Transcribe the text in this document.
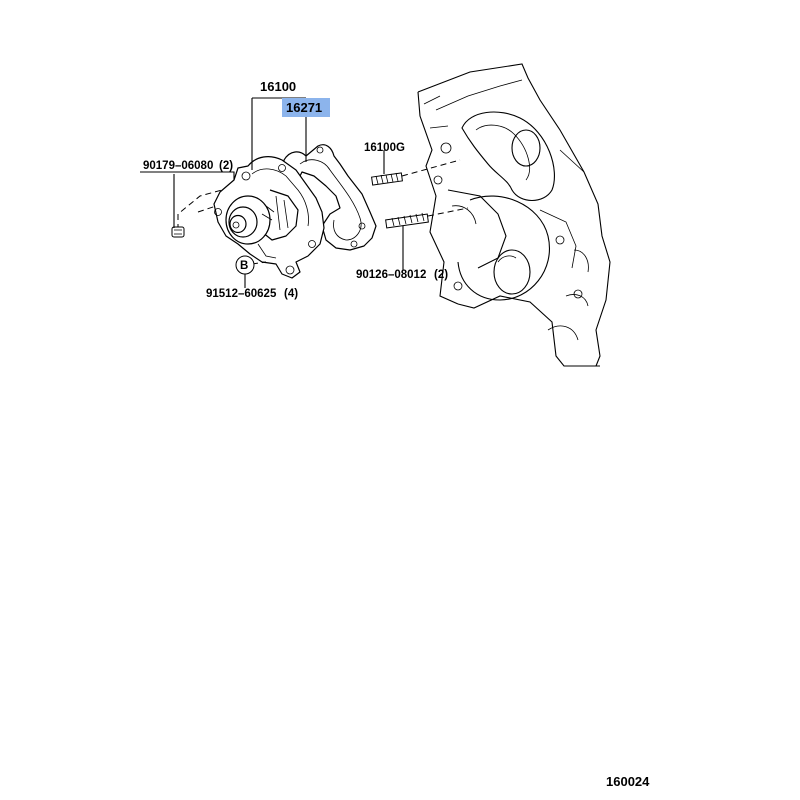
16100
16271
16100G
90179–06080 (2)
90126–08012 (2)
91512–60625 (4)
B
160024
